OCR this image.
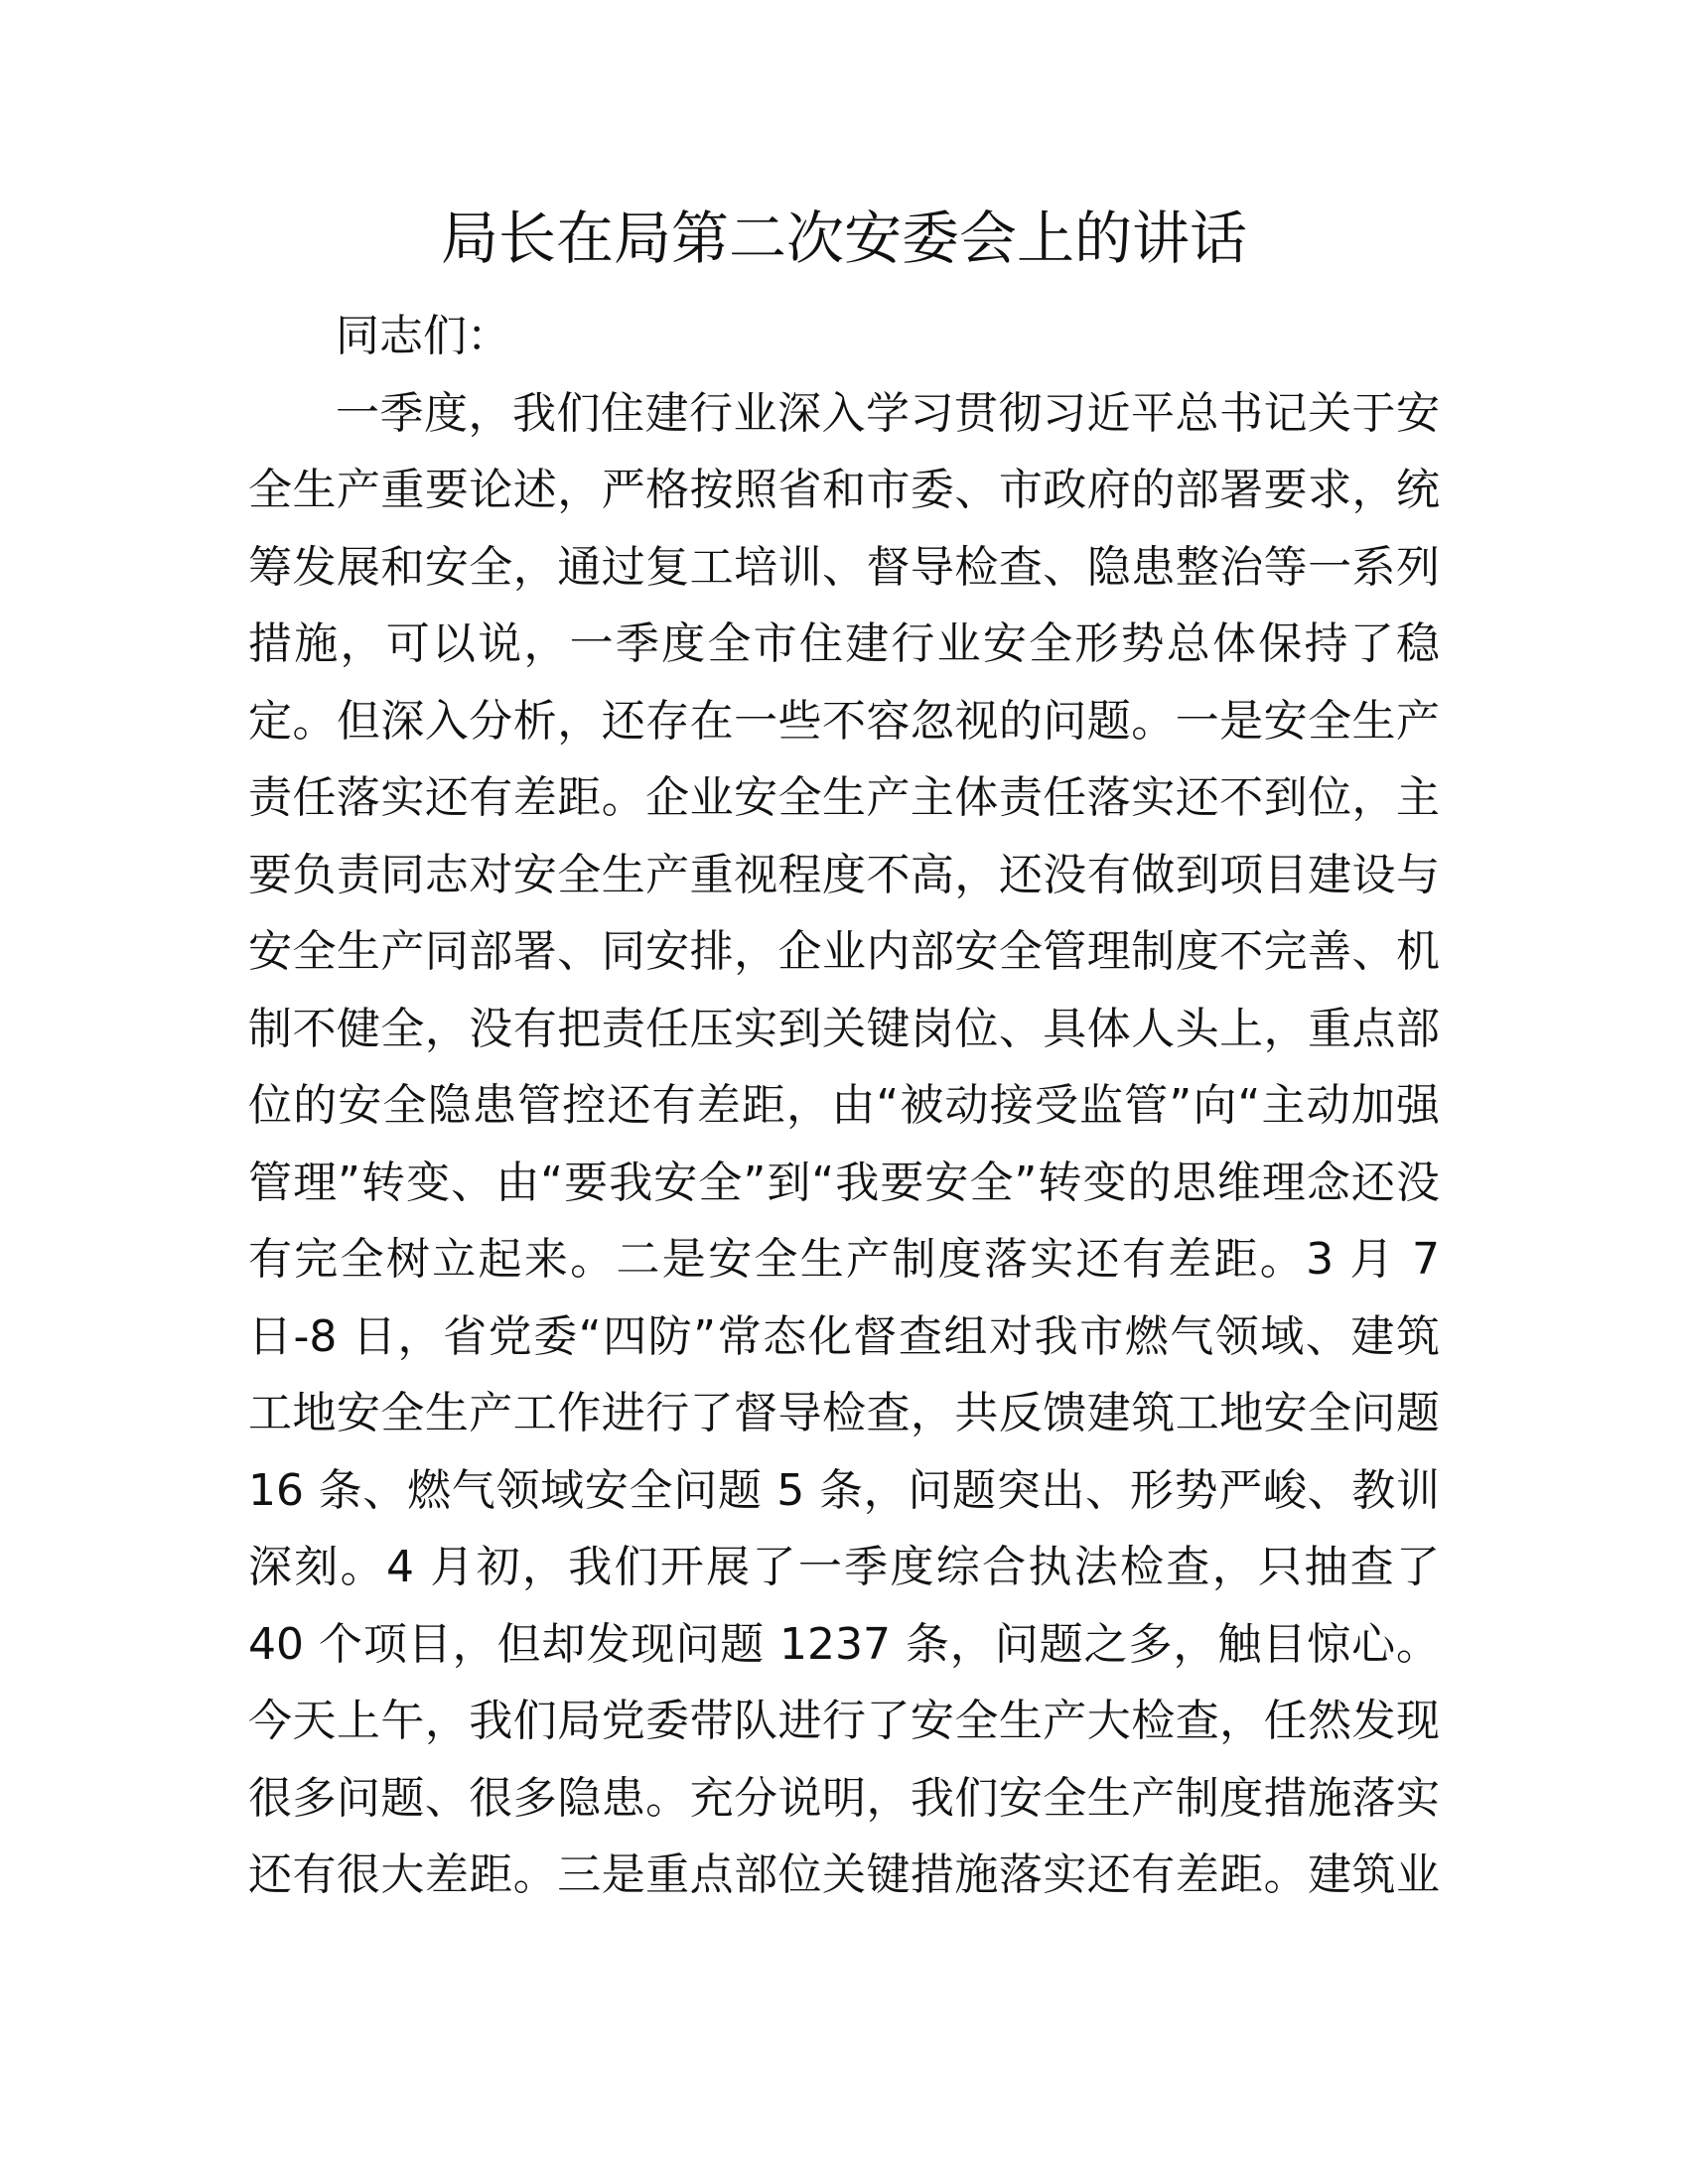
局长在局第二次安委会上的讲话
同志们：
一季度，我们住建行业深入学习贯彻习近平总书记关于安
全生产重要论述，严格按照省和市委、市政府的部署要求，统
筹发展和安全，通过复工培训、督导检查、隐患整治等一系列
措施，可以说，一季度全市住建行业安全形势总体保持了稳
定。但深入分析，还存在一些不容忽视的问题。一是安全生产
责任落实还有差距。企业安全生产主体责任落实还不到位，主
要负责同志对安全生产重视程度不高，还没有做到项目建设与
安全生产同部署、同安排，企业内部安全管理制度不完善、机
制不健全，没有把责任压实到关键岗位、具体人头上，重点部
位的安全隐患管控还有差距，由“被动接受监管”向“主动加强
管理”转变、由“要我安全”到“我要安全”转变的思维理念还没
有完全树立起来。二是安全生产制度落实还有差距。3 月 7
日-8 日，省党委“四防”常态化督查组对我市燃气领域、建筑
工地安全生产工作进行了督导检查，共反馈建筑工地安全问题
16 条、燃气领域安全问题 5 条，问题突出、形势严峻、教训
深刻。4 月初，我们开展了一季度综合执法检查，只抽查了
40 个项目，但却发现问题 1237 条，问题之多，触目惊心。
今天上午，我们局党委带队进行了安全生产大检查，任然发现
很多问题、很多隐患。充分说明，我们安全生产制度措施落实
还有很大差距。三是重点部位关键措施落实还有差距。建筑业
